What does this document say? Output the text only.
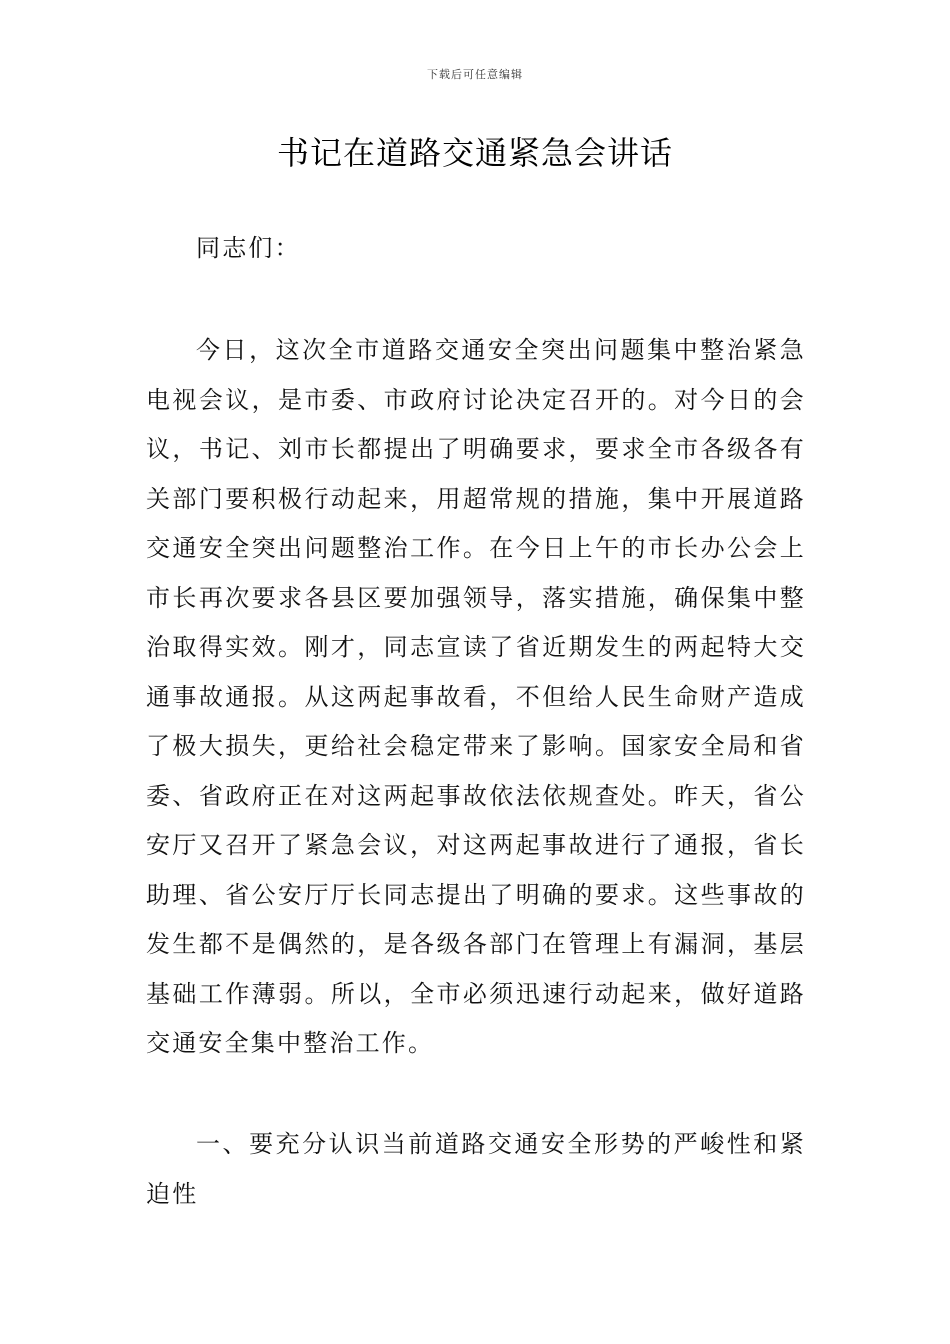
下载后可任意编辑
书记在道路交通紧急会讲话

同志们：

今日，这次全市道路交通安全突出问题集中整治紧急电视会议，是市委、市政府讨论决定召开的。对今日的会议，书记、刘市长都提出了明确要求，要求全市各级各有关部门要积极行动起来，用超常规的措施，集中开展道路交通安全突出问题整治工作。在今日上午的市长办公会上市长再次要求各县区要加强领导，落实措施，确保集中整治取得实效。刚才，同志宣读了省近期发生的两起特大交通事故通报。从这两起事故看，不但给人民生命财产造成了极大损失，更给社会稳定带来了影响。国家安全局和省委、省政府正在对这两起事故依法依规查处。昨天，省公安厅又召开了紧急会议，对这两起事故进行了通报，省长助理、省公安厅厅长同志提出了明确的要求。这些事故的发生都不是偶然的，是各级各部门在管理上有漏洞，基层基础工作薄弱。所以，全市必须迅速行动起来，做好道路交通安全集中整治工作。

一、要充分认识当前道路交通安全形势的严峻性和紧迫性
